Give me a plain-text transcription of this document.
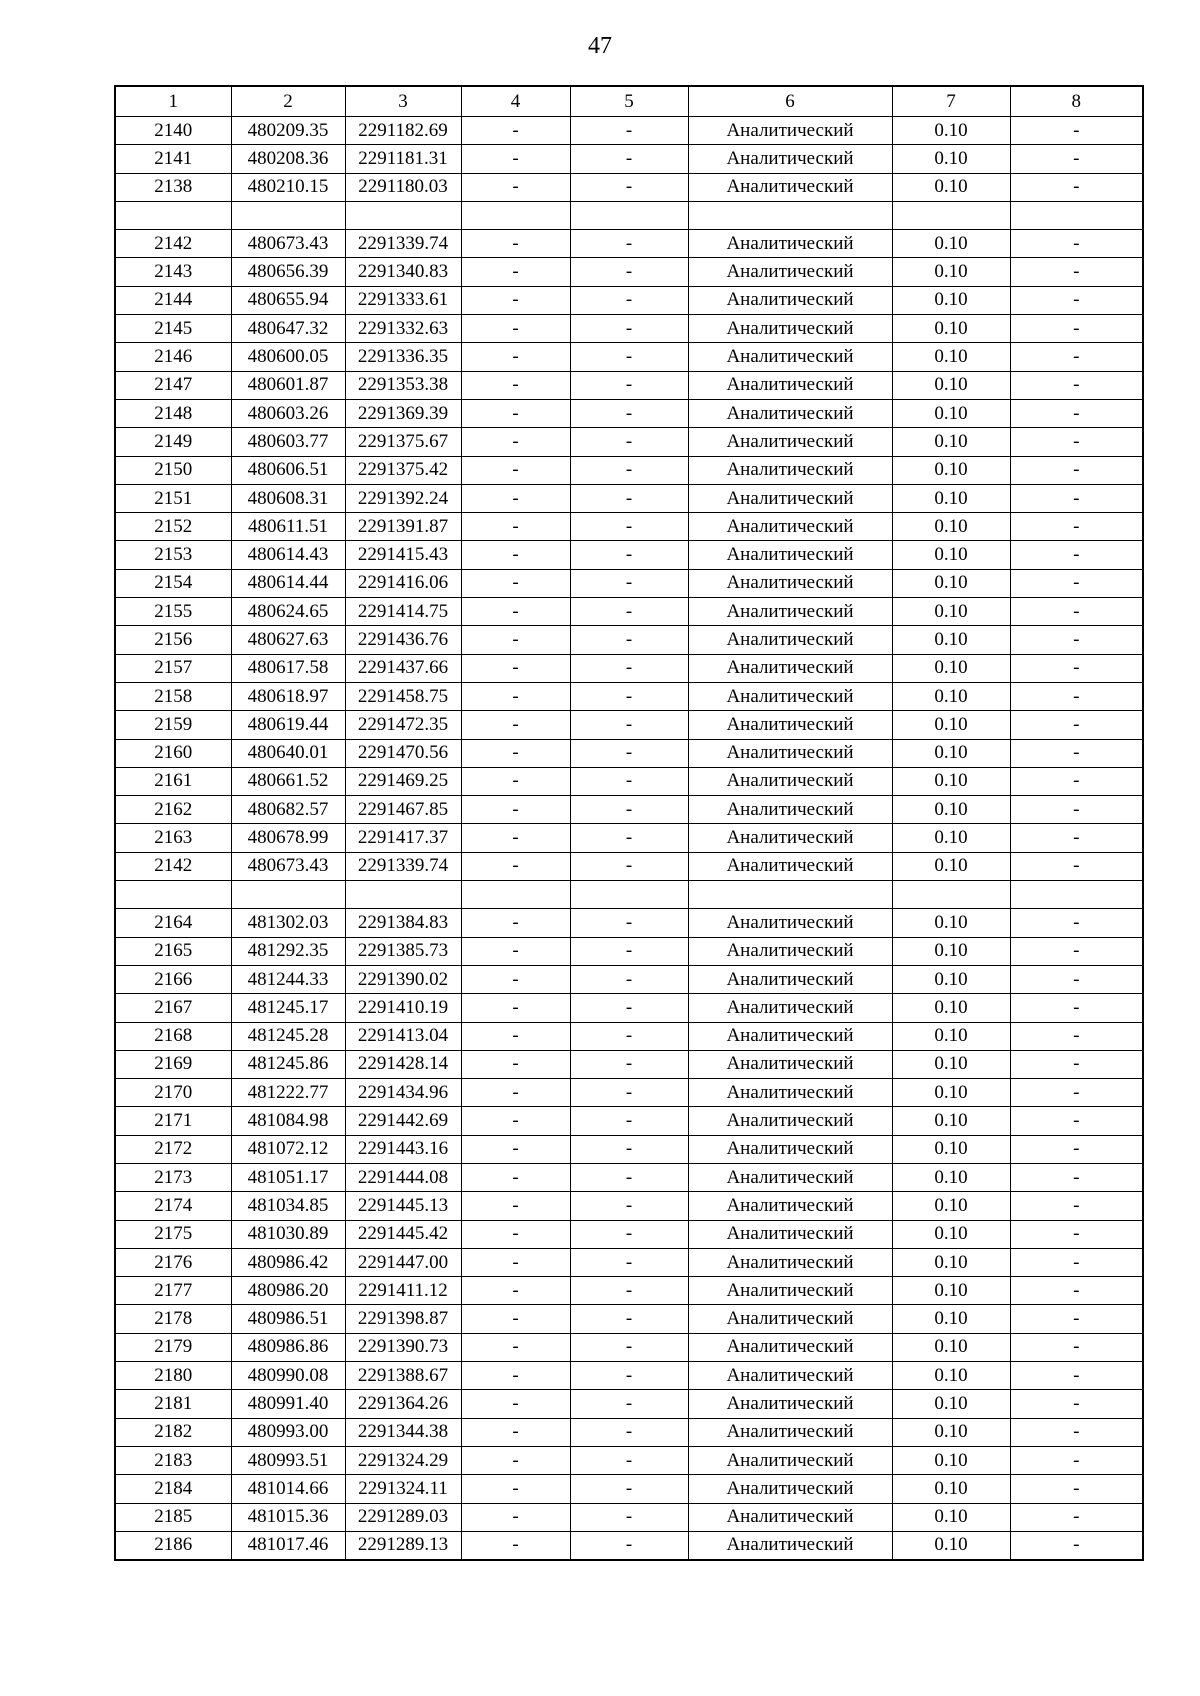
47
1	2	3	4	5	6	7	8
2140	480209.35	2291182.69	-	-	Аналитический	0.10	-
2141	480208.36	2291181.31	-	-	Аналитический	0.10	-
2138	480210.15	2291180.03	-	-	Аналитический	0.10	-

2142	480673.43	2291339.74	-	-	Аналитический	0.10	-
2143	480656.39	2291340.83	-	-	Аналитический	0.10	-
2144	480655.94	2291333.61	-	-	Аналитический	0.10	-
2145	480647.32	2291332.63	-	-	Аналитический	0.10	-
2146	480600.05	2291336.35	-	-	Аналитический	0.10	-
2147	480601.87	2291353.38	-	-	Аналитический	0.10	-
2148	480603.26	2291369.39	-	-	Аналитический	0.10	-
2149	480603.77	2291375.67	-	-	Аналитический	0.10	-
2150	480606.51	2291375.42	-	-	Аналитический	0.10	-
2151	480608.31	2291392.24	-	-	Аналитический	0.10	-
2152	480611.51	2291391.87	-	-	Аналитический	0.10	-
2153	480614.43	2291415.43	-	-	Аналитический	0.10	-
2154	480614.44	2291416.06	-	-	Аналитический	0.10	-
2155	480624.65	2291414.75	-	-	Аналитический	0.10	-
2156	480627.63	2291436.76	-	-	Аналитический	0.10	-
2157	480617.58	2291437.66	-	-	Аналитический	0.10	-
2158	480618.97	2291458.75	-	-	Аналитический	0.10	-
2159	480619.44	2291472.35	-	-	Аналитический	0.10	-
2160	480640.01	2291470.56	-	-	Аналитический	0.10	-
2161	480661.52	2291469.25	-	-	Аналитический	0.10	-
2162	480682.57	2291467.85	-	-	Аналитический	0.10	-
2163	480678.99	2291417.37	-	-	Аналитический	0.10	-
2142	480673.43	2291339.74	-	-	Аналитический	0.10	-

2164	481302.03	2291384.83	-	-	Аналитический	0.10	-
2165	481292.35	2291385.73	-	-	Аналитический	0.10	-
2166	481244.33	2291390.02	-	-	Аналитический	0.10	-
2167	481245.17	2291410.19	-	-	Аналитический	0.10	-
2168	481245.28	2291413.04	-	-	Аналитический	0.10	-
2169	481245.86	2291428.14	-	-	Аналитический	0.10	-
2170	481222.77	2291434.96	-	-	Аналитический	0.10	-
2171	481084.98	2291442.69	-	-	Аналитический	0.10	-
2172	481072.12	2291443.16	-	-	Аналитический	0.10	-
2173	481051.17	2291444.08	-	-	Аналитический	0.10	-
2174	481034.85	2291445.13	-	-	Аналитический	0.10	-
2175	481030.89	2291445.42	-	-	Аналитический	0.10	-
2176	480986.42	2291447.00	-	-	Аналитический	0.10	-
2177	480986.20	2291411.12	-	-	Аналитический	0.10	-
2178	480986.51	2291398.87	-	-	Аналитический	0.10	-
2179	480986.86	2291390.73	-	-	Аналитический	0.10	-
2180	480990.08	2291388.67	-	-	Аналитический	0.10	-
2181	480991.40	2291364.26	-	-	Аналитический	0.10	-
2182	480993.00	2291344.38	-	-	Аналитический	0.10	-
2183	480993.51	2291324.29	-	-	Аналитический	0.10	-
2184	481014.66	2291324.11	-	-	Аналитический	0.10	-
2185	481015.36	2291289.03	-	-	Аналитический	0.10	-
2186	481017.46	2291289.13	-	-	Аналитический	0.10	-
